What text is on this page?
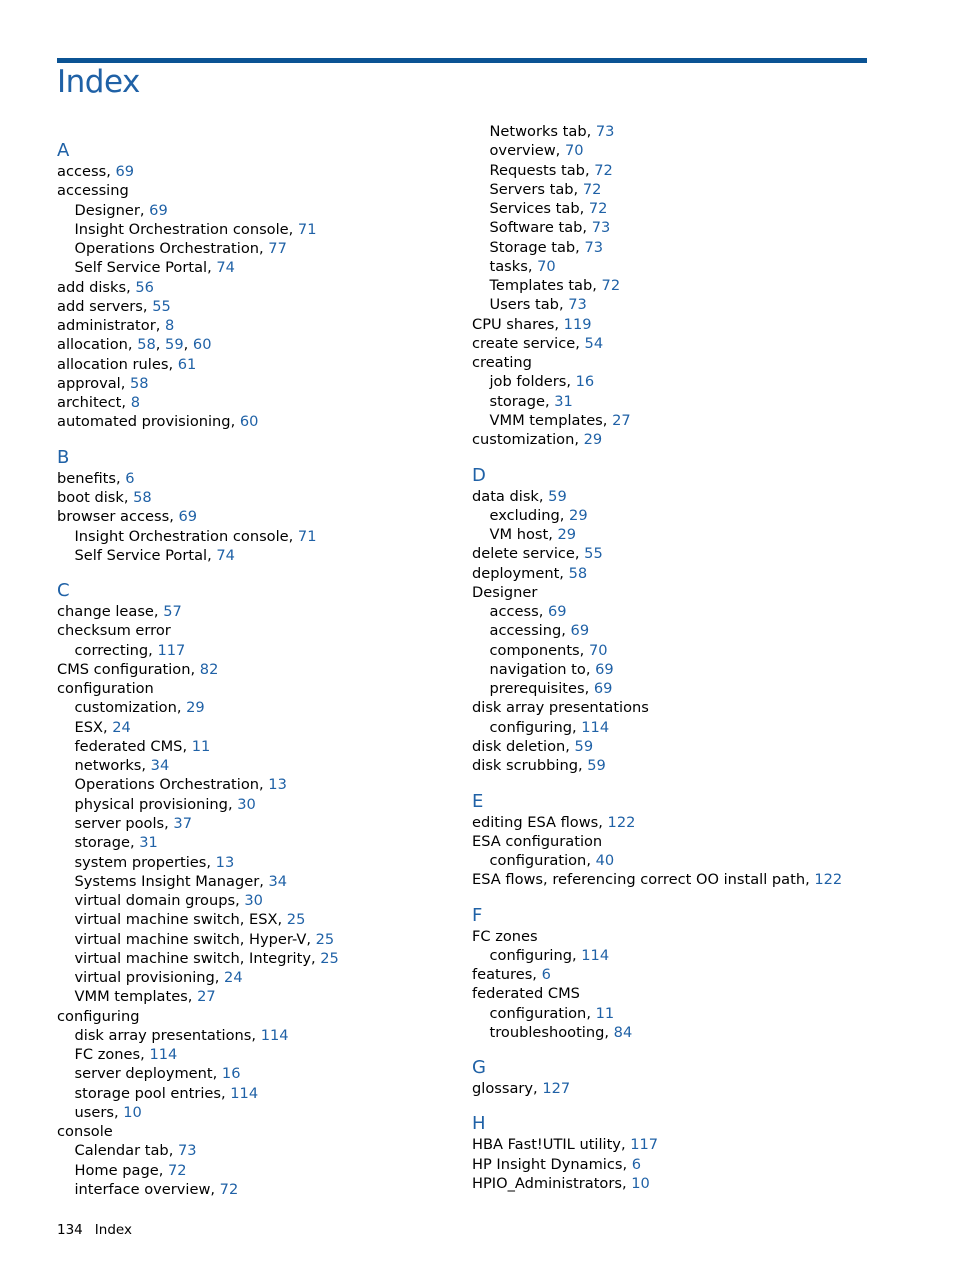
Index
A
access, 69
accessing
Designer, 69
Insight Orchestration console, 71
Operations Orchestration, 77
Self Service Portal, 74
add disks, 56
add servers, 55
administrator, 8
allocation, 58, 59, 60
allocation rules, 61
approval, 58
architect, 8
automated provisioning, 60
B
benefits, 6
boot disk, 58
browser access, 69
Insight Orchestration console, 71
Self Service Portal, 74
C
change lease, 57
checksum error
correcting, 117
CMS configuration, 82
configuration
customization, 29
ESX, 24
federated CMS, 11
networks, 34
Operations Orchestration, 13
physical provisioning, 30
server pools, 37
storage, 31
system properties, 13
Systems Insight Manager, 34
virtual domain groups, 30
virtual machine switch, ESX, 25
virtual machine switch, Hyper-V, 25
virtual machine switch, Integrity, 25
virtual provisioning, 24
VMM templates, 27
configuring
disk array presentations, 114
FC zones, 114
server deployment, 16
storage pool entries, 114
users, 10
console
Calendar tab, 73
Home page, 72
interface overview, 72
Networks tab, 73
overview, 70
Requests tab, 72
Servers tab, 72
Services tab, 72
Software tab, 73
Storage tab, 73
tasks, 70
Templates tab, 72
Users tab, 73
CPU shares, 119
create service, 54
creating
job folders, 16
storage, 31
VMM templates, 27
customization, 29
D
data disk, 59
excluding, 29
VM host, 29
delete service, 55
deployment, 58
Designer
access, 69
accessing, 69
components, 70
navigation to, 69
prerequisites, 69
disk array presentations
configuring, 114
disk deletion, 59
disk scrubbing, 59
E
editing ESA flows, 122
ESA configuration
configuration, 40
ESA flows, referencing correct OO install path, 122
F
FC zones
configuring, 114
features, 6
federated CMS
configuration, 11
troubleshooting, 84
G
glossary, 127
H
HBA Fast!UTIL utility, 117
HP Insight Dynamics, 6
HPIO_Administrators, 10
134 Index
